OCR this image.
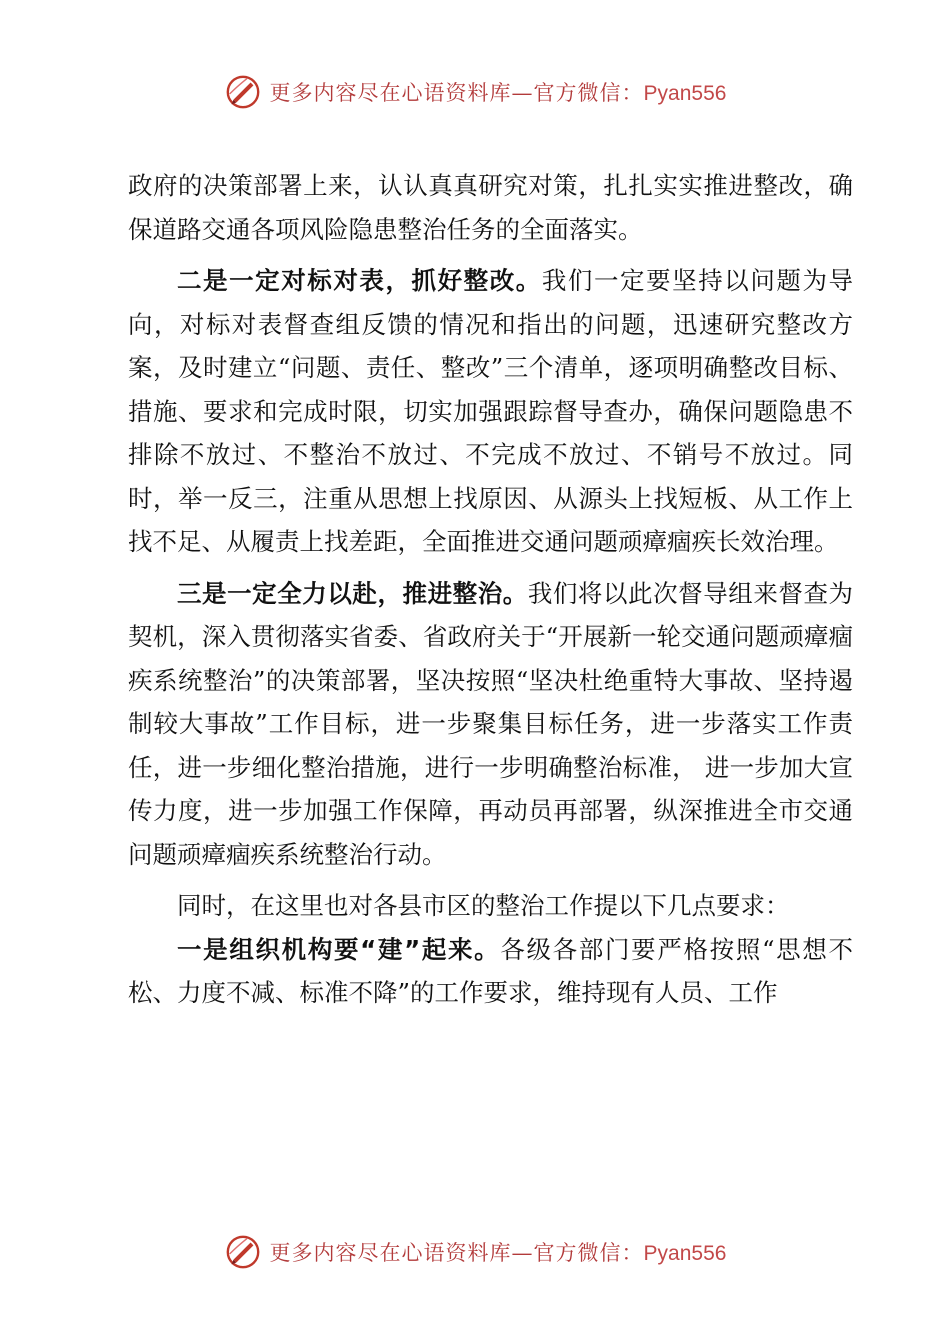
更多内容尽在心语资料库—官方微信：Pyan556

政府的决策部署上来，认认真真研究对策，扎扎实实推进整改，确保道路交通各项风险隐患整治任务的全面落实。

二是一定对标对表，抓好整改。我们一定要坚持以问题为导向，对标对表督查组反馈的情况和指出的问题，迅速研究整改方案，及时建立“问题、责任、整改”三个清单，逐项明确整改目标、措施、要求和完成时限，切实加强跟踪督导查办，确保问题隐患不排除不放过、不整治不放过、不完成不放过、不销号不放过。同时，举一反三，注重从思想上找原因、从源头上找短板、从工作上找不足、从履责上找差距，全面推进交通问题顽瘴痼疾长效治理。

三是一定全力以赴，推进整治。我们将以此次督导组来督查为契机，深入贯彻落实省委、省政府关于“开展新一轮交通问题顽瘴痼疾系统整治”的决策部署，坚决按照“坚决杜绝重特大事故、坚持遏制较大事故”工作目标，进一步聚集目标任务，进一步落实工作责任，进一步细化整治措施，进行一步明确整治标准， 进一步加大宣传力度，进一步加强工作保障，再动员再部署，纵深推进全市交通问题顽瘴痼疾系统整治行动。

同时，在这里也对各县市区的整治工作提以下几点要求：

一是组织机构要“建”起来。各级各部门要严格按照“思想不松、力度不减、标准不降”的工作要求，维持现有人员、工作

更多内容尽在心语资料库—官方微信：Pyan556
